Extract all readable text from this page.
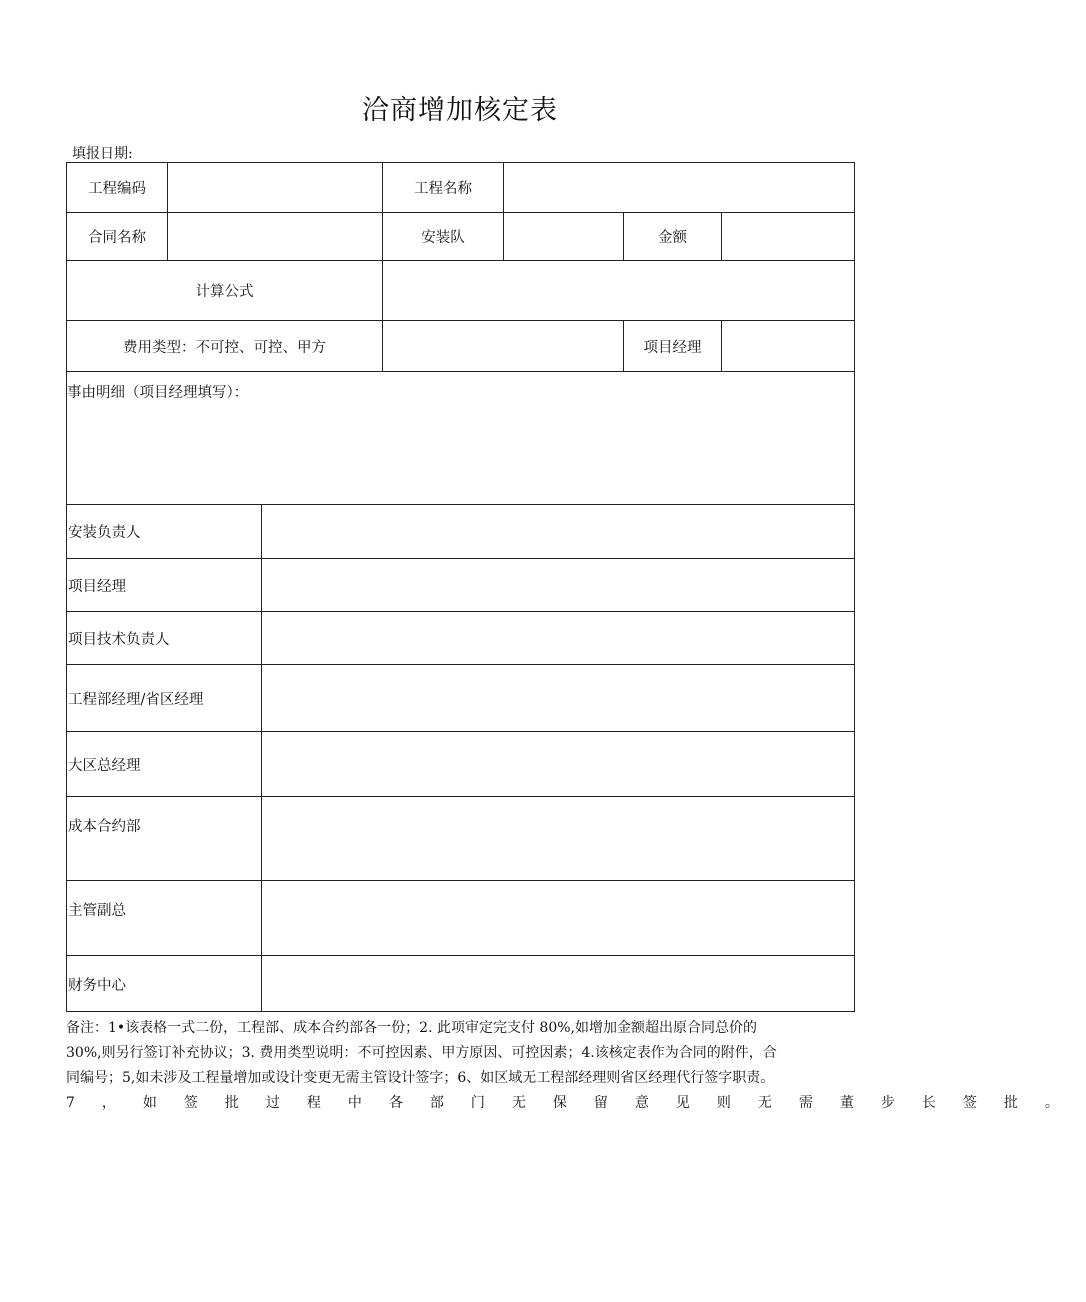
洽商增加核定表
填报日期:
工程编码	工程名称
合同名称	安装队	金额
计算公式
费用类型：不可控、可控、甲方	项目经理
事由明细（项目经理填写）：
安装负责人
项目经理
项目技术负责人
工程部经理/省区经理
大区总经理
成本合约部
主管副总
财务中心
备注：1•该表格一式二份，工程部、成本合约部各一份；2. 此项审定完支付 80%,如增加金额超出原合同总价的
30%,则另行签订补充协议；3. 费用类型说明：不可控因素、甲方原因、可控因素；4.该核定表作为合同的附件，合
同编号；5,如未涉及工程量增加或设计变更无需主管设计签字；6、如区域无工程部经理则省区经理代行签字职责。
7，如签批过程中各部门无保留意见则无需董步长签批。
